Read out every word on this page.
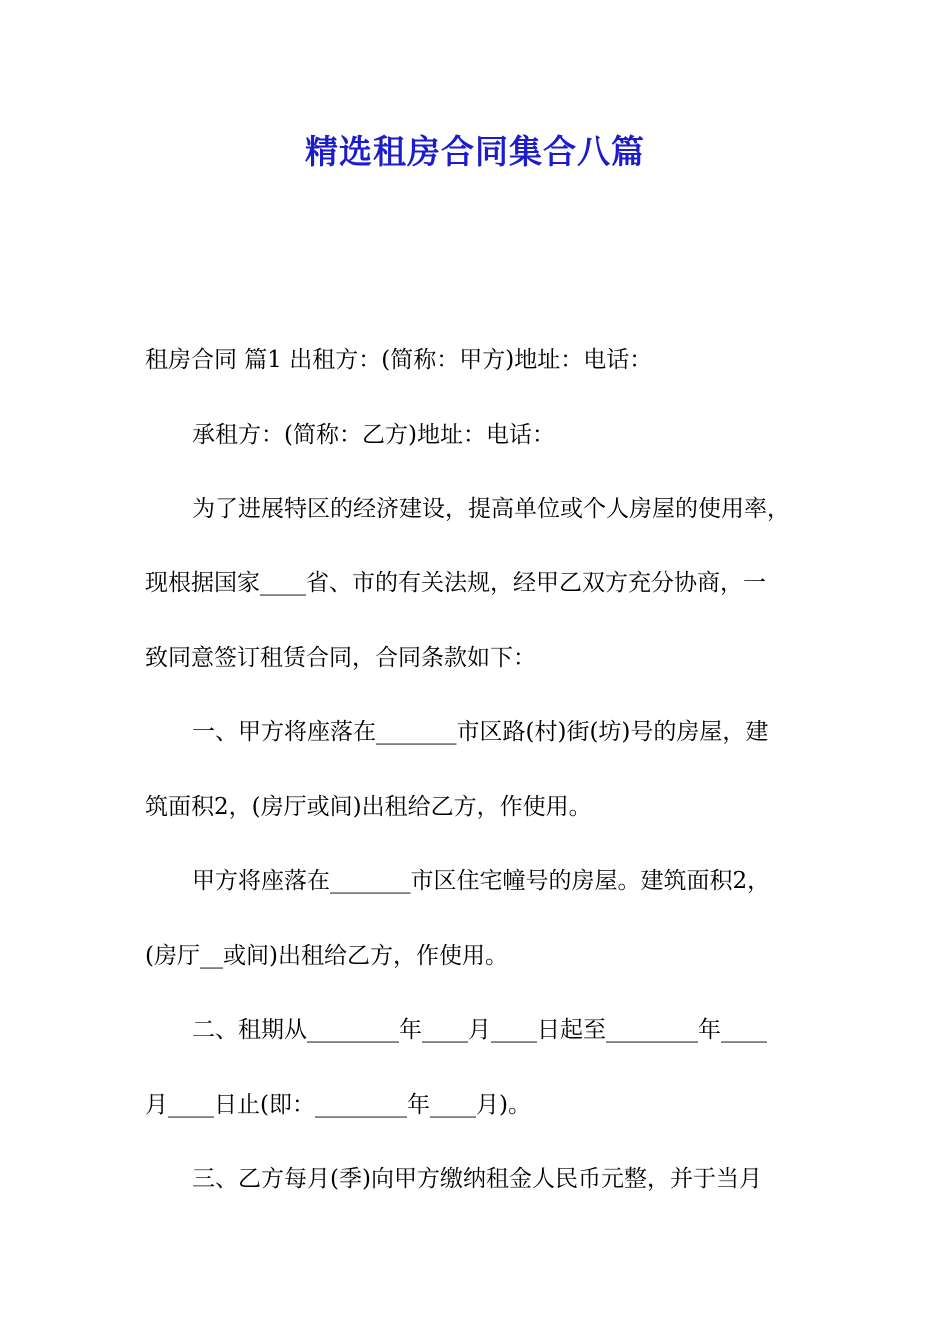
精选租房合同集合八篇
租房合同 篇1 出租方：(简称：甲方)地址：电话：
承租方：(简称：乙方)地址：电话：
为了进展特区的经济建设，提高单位或个人房屋的使用率，
现根据国家____省、市的有关法规，经甲乙双方充分协商，一
致同意签订租赁合同，合同条款如下：
一、甲方将座落在_______市区路(村)街(坊)号的房屋，建
筑面积2，(房厅或间)出租给乙方，作使用。
甲方将座落在_______市区住宅幢号的房屋。建筑面积2，
(房厅__或间)出租给乙方，作使用。
二、租期从________年____月____日起至________年____
月____日止(即：________年____月)。
三、乙方每月(季)向甲方缴纳租金人民币元整，并于当月
